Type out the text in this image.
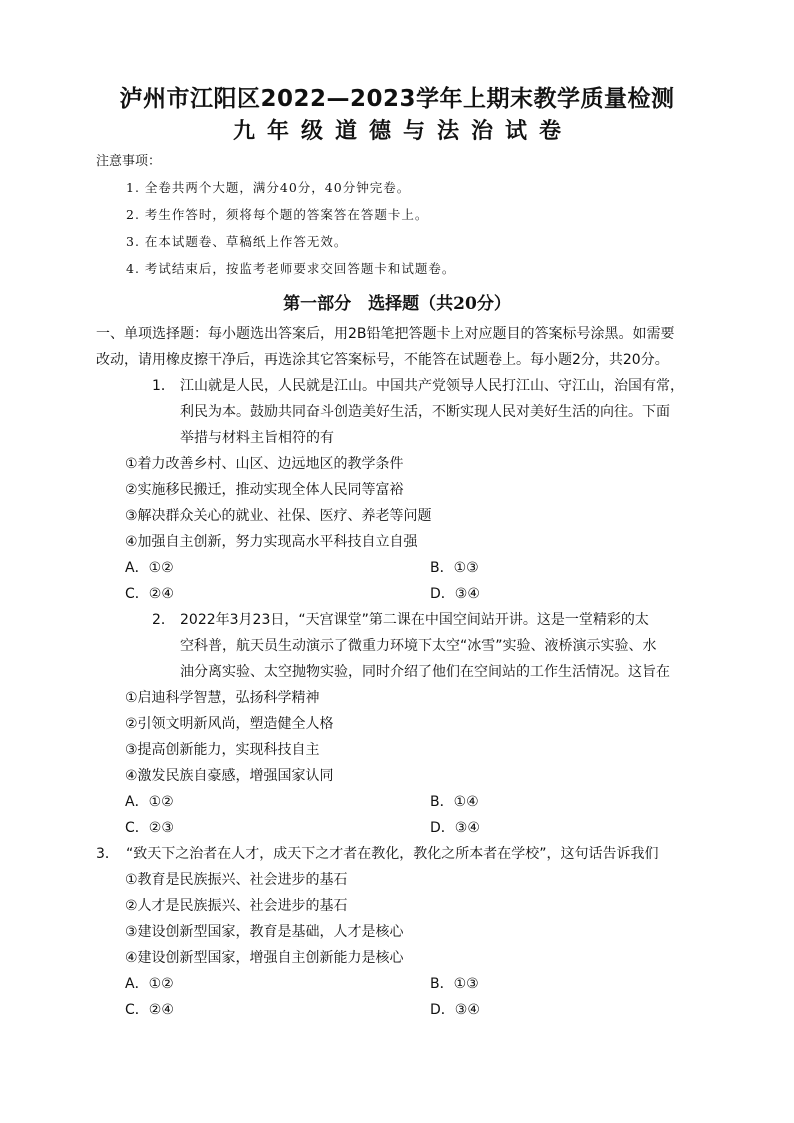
泸州市江阳区2022—2023学年上期末教学质量检测
九年级道德与法治试卷
注意事项：
1. 全卷共两个大题，满分40分，40分钟完卷。
2. 考生作答时，须将每个题的答案答在答题卡上。
3. 在本试题卷、草稿纸上作答无效。
4. 考试结束后，按监考老师要求交回答题卡和试题卷。
第一部分　选择题（共20分）
一、单项选择题：每小题选出答案后，用2B铅笔把答题卡上对应题目的答案标号涂黑。如需要
改动，请用橡皮擦干净后，再选涂其它答案标号，不能答在试题卷上。每小题2分，共20分。
1． 江山就是人民，人民就是江山。中国共产党领导人民打江山、守江山，治国有常，
利民为本。鼓励共同奋斗创造美好生活，不断实现人民对美好生活的向往。下面
举措与材料主旨相符的有
①着力改善乡村、山区、边远地区的教学条件
②实施移民搬迁，推动实现全体人民同等富裕
③解决群众关心的就业、社保、医疗、养老等问题
④加强自主创新，努力实现高水平科技自立自强
A．①②	B．①③
C．②④	D．③④
2． 2022年3月23日，“天宫课堂”第二课在中国空间站开讲。这是一堂精彩的太
空科普，航天员生动演示了微重力环境下太空“冰雪”实验、液桥演示实验、水
油分离实验、太空抛物实验，同时介绍了他们在空间站的工作生活情况。这旨在
①启迪科学智慧，弘扬科学精神
②引领文明新风尚，塑造健全人格
③提高创新能力，实现科技自主
④激发民族自豪感，增强国家认同
A．①②	B．①④
C．②③	D．③④
3． “致天下之治者在人才，成天下之才者在教化，教化之所本者在学校”，这句话告诉我们
①教育是民族振兴、社会进步的基石
②人才是民族振兴、社会进步的基石
③建设创新型国家，教育是基础，人才是核心
④建设创新型国家，增强自主创新能力是核心
A．①②	B．①③
C．②④	D．③④
